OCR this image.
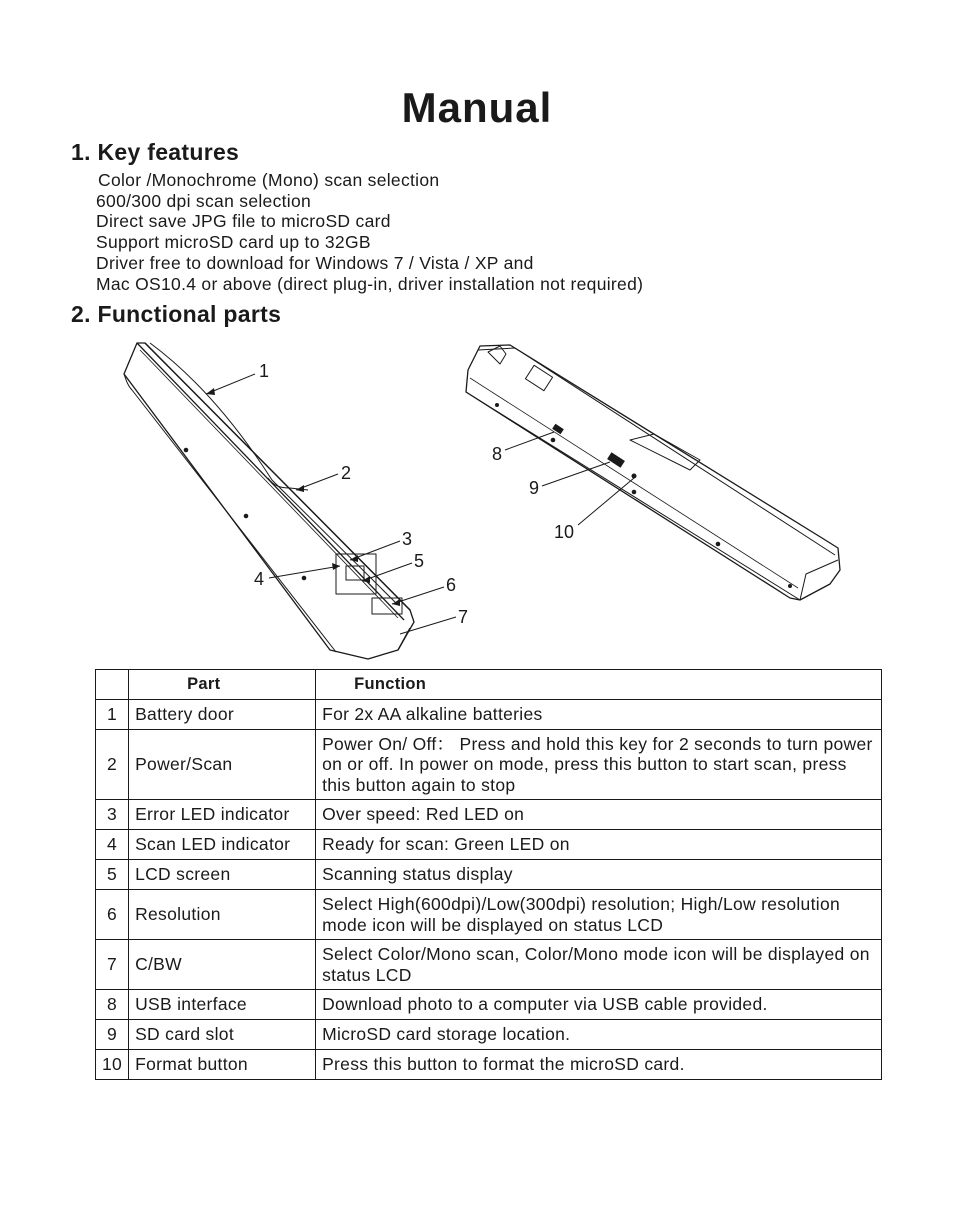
Manual
1. Key features
Color /Monochrome (Mono) scan selection
600/300 dpi scan selection
Direct save JPG file to microSD card
Support microSD card up to 32GB
Driver free to download for Windows 7 / Vista / XP and
Mac OS10.4 or above (direct plug-in, driver installation not required)
2. Functional parts
1
2
3
4
5
6
7
8
9
10
	Part	Function
1	Battery door	For 2x AA alkaline batteries
2	Power/Scan	Power On/ Off： Press and hold this key for 2 seconds to turn power on or off. In power on mode, press this button to start scan, press this button again to stop
3	Error LED indicator	Over speed: Red LED on
4	Scan LED indicator	Ready for scan: Green LED on
5	LCD screen	Scanning status display
6	Resolution	Select High(600dpi)/Low(300dpi) resolution; High/Low resolution mode icon will be displayed on status LCD
7	C/BW	Select Color/Mono scan, Color/Mono mode icon will be displayed on status LCD
8	USB interface	Download photo to a computer via USB cable provided.
9	SD card slot	MicroSD card storage location.
10	Format button	Press this button to format the microSD card.
